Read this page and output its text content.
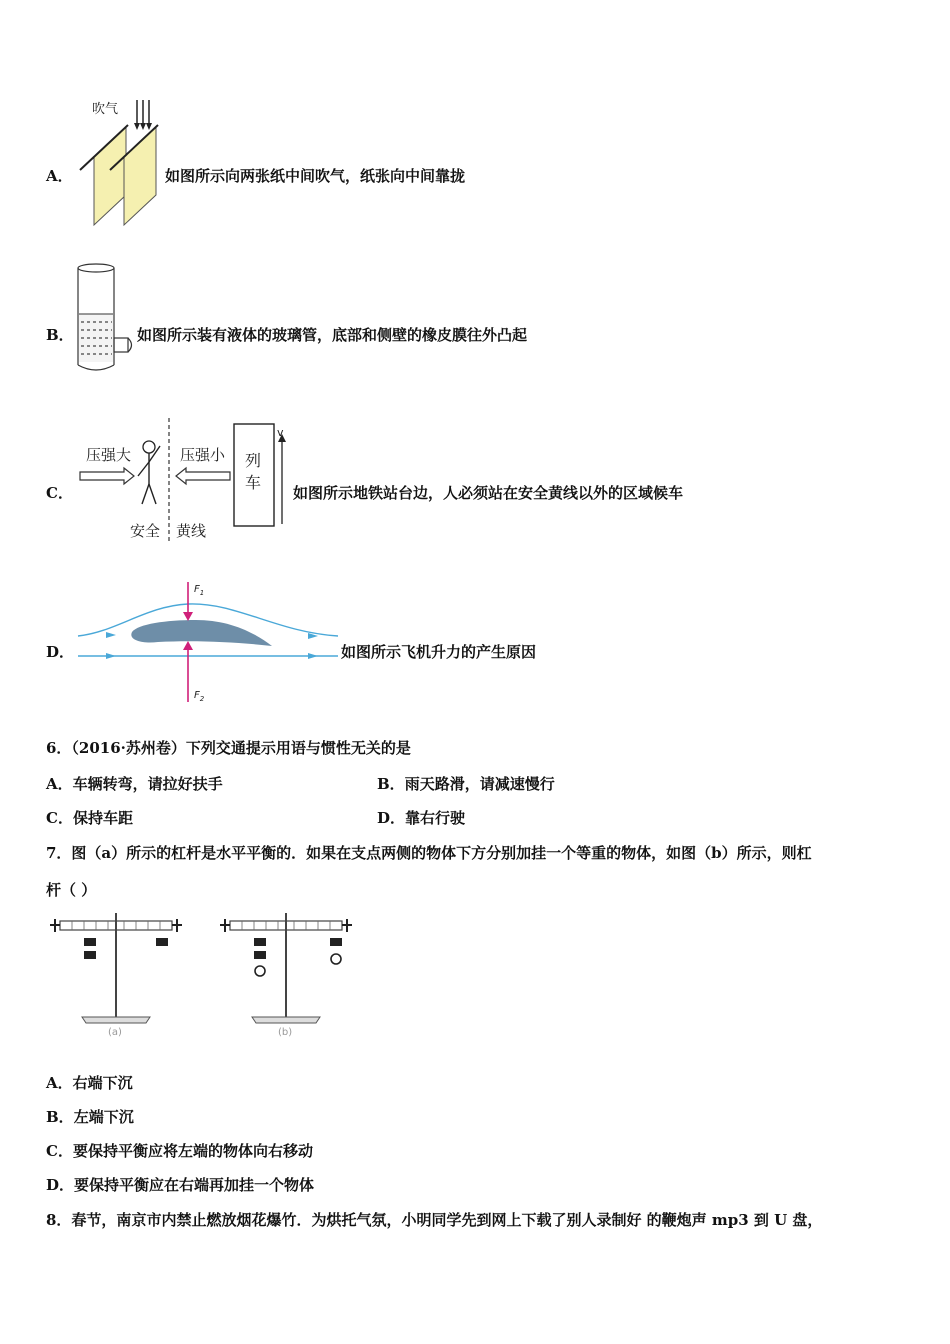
A．
吹气
如图所示向两张纸中间吹气，纸张向中间靠拢
B．	如图所示装有液体的玻璃管，底部和侧壁的橡皮膜往外凸起
C．
压强大	压强小 列
车
v
安全 黄线
如图所示地铁站台边，人必须站在安全黄线以外的区域候车
D．
$F_1$
$F_2$
如图所示飞机升力的产生原因
6．（2016·苏州卷）下列交通提示用语与惯性无关的是
A．车辆转弯，请拉好扶手	B．雨天路滑，请减速慢行
C．保持车距	D．靠右行驶
7．图（a）所示的杠杆是水平平衡的．如果在支点两侧的物体下方分别加挂一个等重的物体，如图（b）所示，则杠
杆（ ）
(a)	(b)
A．右端下沉
B．左端下沉
C．要保持平衡应将左端的物体向右移动
D．要保持平衡应在右端再加挂一个物体
8．春节，南京市内禁止燃放烟花爆竹．为烘托气氛，小明同学先到网上下载了别人录制好 的鞭炮声 mp3 到 U 盘，
